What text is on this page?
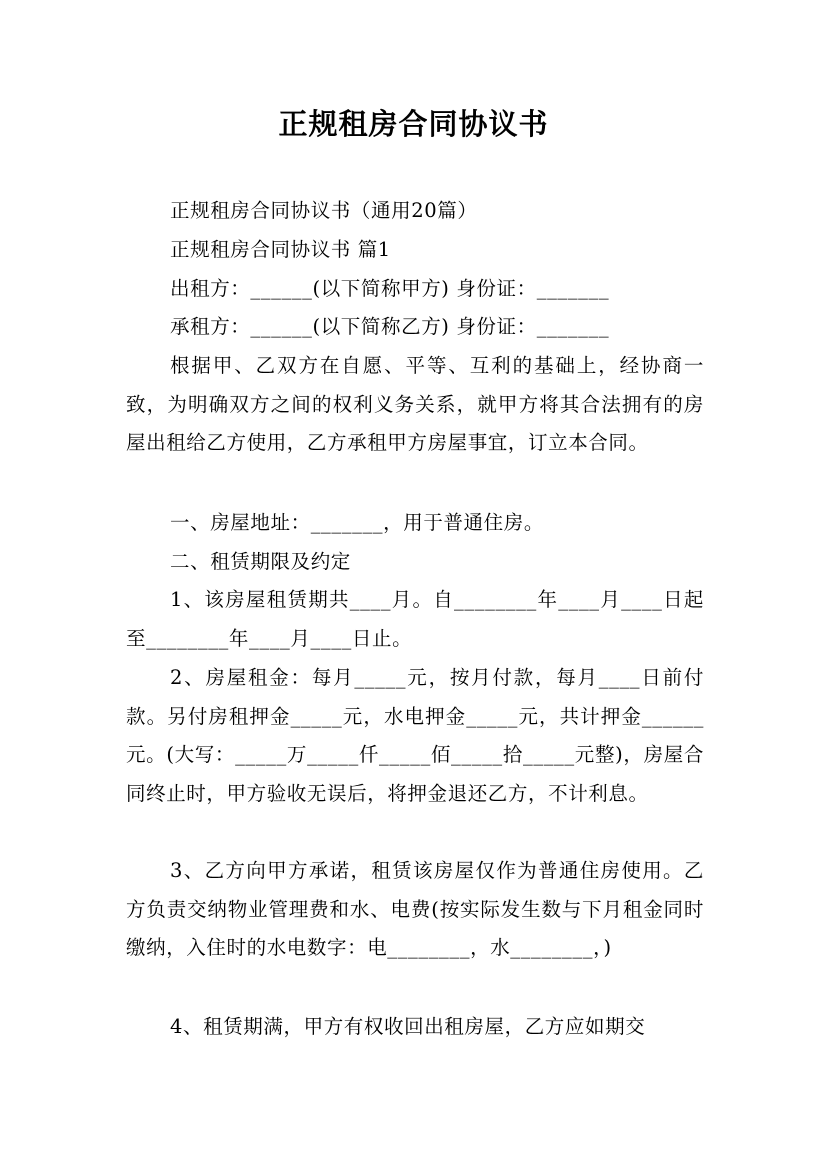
正规租房合同协议书

正规租房合同协议书（通用20篇）

正规租房合同协议书 篇1

出租方：______(以下简称甲方) 身份证：_______

承租方：______(以下简称乙方) 身份证：_______

根据甲、乙双方在自愿、平等、互利的基础上，经协商一致，为明确双方之间的权利义务关系，就甲方将其合法拥有的房屋出租给乙方使用，乙方承租甲方房屋事宜，订立本合同。

一、房屋地址：_______，用于普通住房。

二、租赁期限及约定

1、该房屋租赁期共____月。自________年____月____日起至________年____月____日止。

2、房屋租金：每月_____元，按月付款，每月____日前付款。另付房租押金_____元，水电押金_____元，共计押金______元。(大写：_____万_____仟_____佰_____拾_____元整)，房屋合同终止时，甲方验收无误后，将押金退还乙方，不计利息。

3、乙方向甲方承诺，租赁该房屋仅作为普通住房使用。乙方负责交纳物业管理费和水、电费(按实际发生数与下月租金同时缴纳，入住时的水电数字：电________，水________，)

4、租赁期满，甲方有权收回出租房屋，乙方应如期交
